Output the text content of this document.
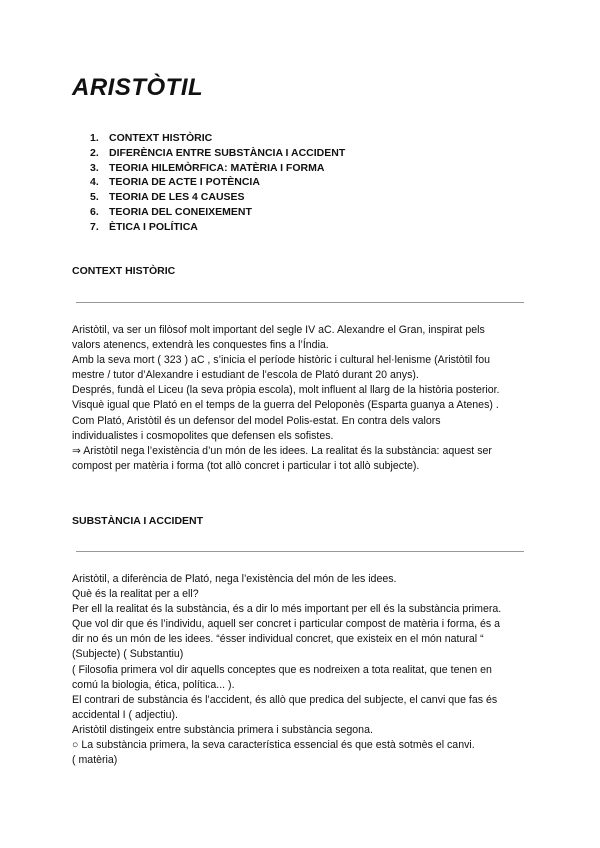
ARISTÒTIL
1. CONTEXT HISTÒRIC
2. DIFERÈNCIA ENTRE SUBSTÀNCIA I ACCIDENT
3. TEORIA HILEMÒRFICA: MATÈRIA I FORMA
4. TEORIA DE ACTE I POTÈNCIA
5. TEORIA DE LES 4 CAUSES
6. TEORIA DEL CONEIXEMENT
7. ÈTICA I POLÍTICA
CONTEXT HISTÒRIC
Aristòtil, va ser un filòsof molt important del segle IV aC. Alexandre el Gran, inspirat pels
valors atenencs, extendrà les conquestes fins a l’Índia.
Amb la seva mort ( 323 ) aC , s’inicia el període històric i cultural hel·lenisme (Aristòtil fou
mestre / tutor d’Alexandre i estudiant de l’escola de Plató durant 20 anys).
Després, fundà el Liceu (la seva pròpia escola), molt influent al llarg de la història posterior.
Visquè igual que Plató en el temps de la guerra del Peloponès (Esparta guanya a Atenes) .
Com Plató, Aristòtil és un defensor del model Polis-estat. En contra dels valors
individualistes i cosmopolites que defensen els sofistes.
⇒ Aristòtil nega l’existència d’un món de les idees. La realitat és la substància: aquest ser
compost per matèria i forma (tot allò concret i particular i tot allò subjecte).
SUBSTÀNCIA I ACCIDENT
Aristòtil, a diferència de Plató, nega l’existència del món de les idees.
Què és la realitat per a ell?
Per ell la realitat és la substància, és a dir lo més important per ell és la substància primera.
Que vol dir que és l’individu, aquell ser concret i particular compost de matèria i forma, és a
dir no és un món de les idees. “ésser individual concret, que existeix en el món natural “
(Subjecte) ( Substantiu)
( Filosofia primera vol dir aquells conceptes que es nodreixen a tota realitat, que tenen en
comú la biologia, ética, política... ).
El contrari de substància és l’accident, és allò que predica del subjecte, el canvi que fas és
accidental I ( adjectiu).
Aristòtil distingeix entre substància primera i substància segona.
○ La substància primera, la seva característica essencial és que està sotmès el canvi.
( matèria)
